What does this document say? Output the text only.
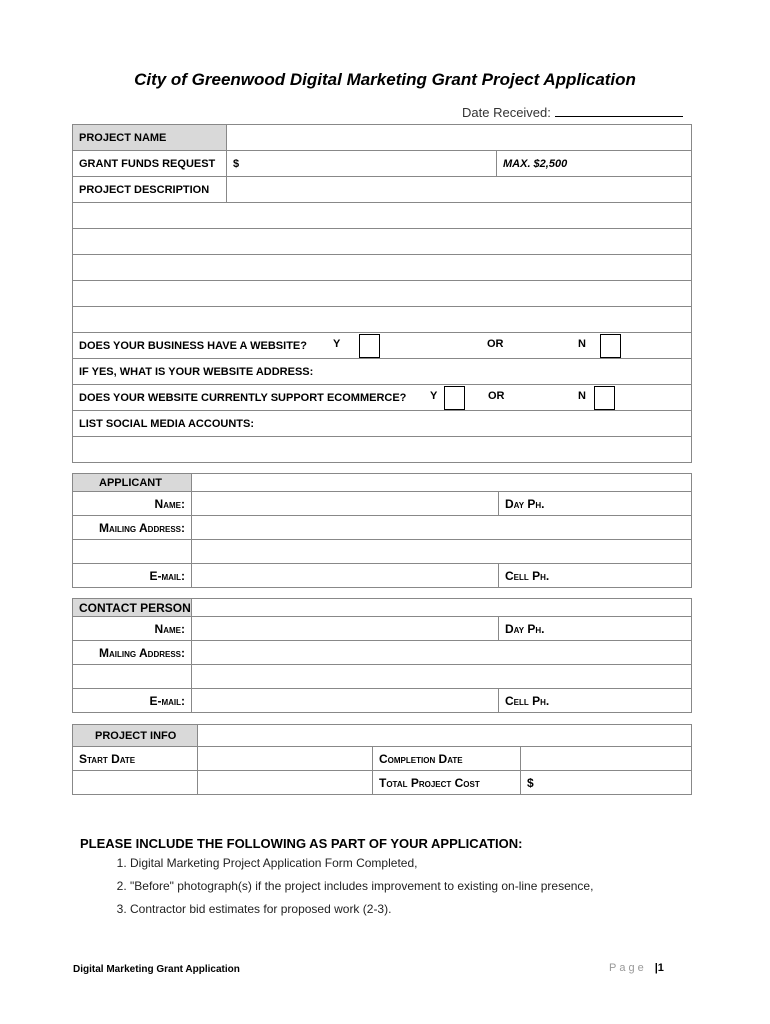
City of Greenwood Digital Marketing Grant Project Application
Date Received:
PROJECT NAME		
GRANT FUNDS REQUEST	$	MAX. $2,500
PROJECT DESCRIPTION		

DOES YOUR BUSINESS HAVE A WEBSITE? Y OR N		

IF YES, WHAT IS YOUR WEBSITE ADDRESS:		
DOES YOUR WEBSITE CURRENTLY SUPPORT ECOMMERCE? Y OR N		

LIST SOCIAL MEDIA ACCOUNTS:		

APPLICANT		
Name:		Day Ph.
Mailing Address:		

E-mail:		Cell Ph.
CONTACT PERSON		
Name:		Day Ph.
Mailing Address:		

E-mail:		Cell Ph.
PROJECT INFO			
Start Date		Completion Date	
		Total Project Cost	$
PLEASE INCLUDE THE FOLLOWING AS PART OF YOUR APPLICATION:
1. Digital Marketing Project Application Form Completed,
2. "Before" photograph(s) if the project includes improvement to existing on-line presence,
3. Contractor bid estimates for proposed work (2-3).
Digital Marketing Grant Application	Page |1
